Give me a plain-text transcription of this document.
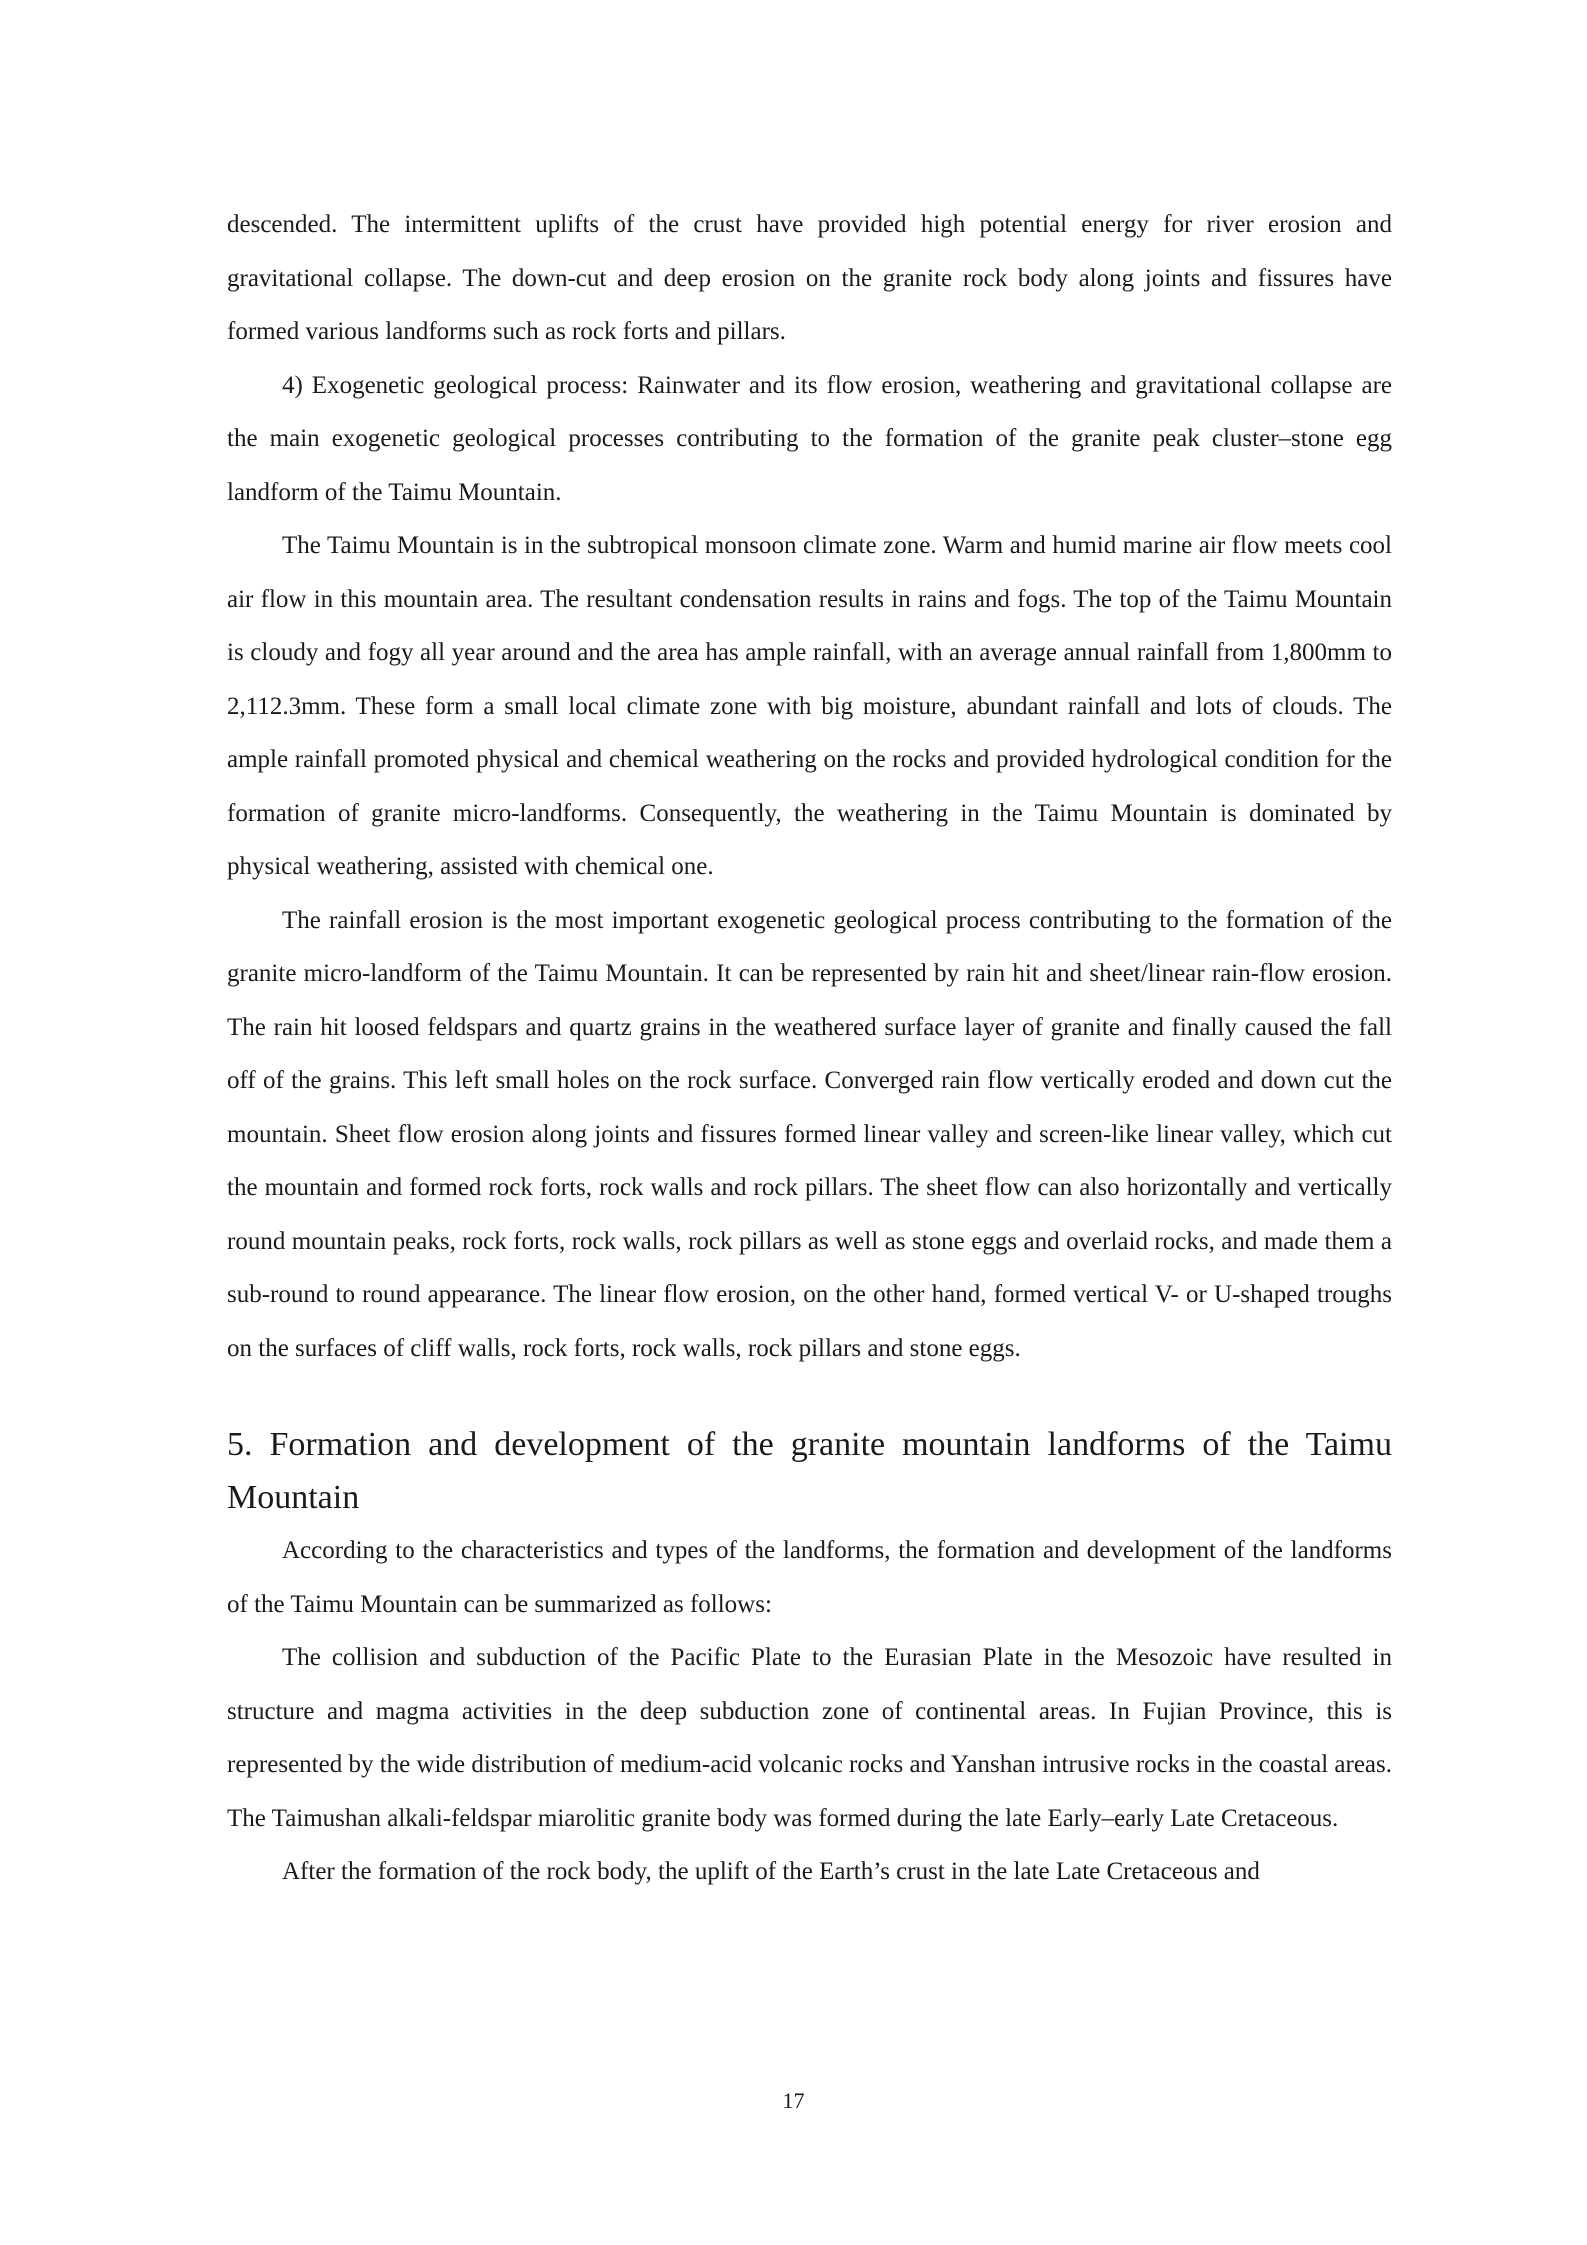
descended. The intermittent uplifts of the crust have provided high potential energy for river erosion and gravitational collapse. The down-cut and deep erosion on the granite rock body along joints and fissures have formed various landforms such as rock forts and pillars.

4) Exogenetic geological process: Rainwater and its flow erosion, weathering and gravitational collapse are the main exogenetic geological processes contributing to the formation of the granite peak cluster–stone egg landform of the Taimu Mountain.

The Taimu Mountain is in the subtropical monsoon climate zone. Warm and humid marine air flow meets cool air flow in this mountain area. The resultant condensation results in rains and fogs. The top of the Taimu Mountain is cloudy and fogy all year around and the area has ample rainfall, with an average annual rainfall from 1,800mm to 2,112.3mm. These form a small local climate zone with big moisture, abundant rainfall and lots of clouds. The ample rainfall promoted physical and chemical weathering on the rocks and provided hydrological condition for the formation of granite micro-landforms. Consequently, the weathering in the Taimu Mountain is dominated by physical weathering, assisted with chemical one.

The rainfall erosion is the most important exogenetic geological process contributing to the formation of the granite micro-landform of the Taimu Mountain. It can be represented by rain hit and sheet/linear rain-flow erosion. The rain hit loosed feldspars and quartz grains in the weathered surface layer of granite and finally caused the fall off of the grains. This left small holes on the rock surface. Converged rain flow vertically eroded and down cut the mountain. Sheet flow erosion along joints and fissures formed linear valley and screen-like linear valley, which cut the mountain and formed rock forts, rock walls and rock pillars. The sheet flow can also horizontally and vertically round mountain peaks, rock forts, rock walls, rock pillars as well as stone eggs and overlaid rocks, and made them a sub-round to round appearance. The linear flow erosion, on the other hand, formed vertical V- or U-shaped troughs on the surfaces of cliff walls, rock forts, rock walls, rock pillars and stone eggs.

5. Formation and development of the granite mountain landforms of the Taimu Mountain

According to the characteristics and types of the landforms, the formation and development of the landforms of the Taimu Mountain can be summarized as follows:

The collision and subduction of the Pacific Plate to the Eurasian Plate in the Mesozoic have resulted in structure and magma activities in the deep subduction zone of continental areas. In Fujian Province, this is represented by the wide distribution of medium-acid volcanic rocks and Yanshan intrusive rocks in the coastal areas. The Taimushan alkali-feldspar miarolitic granite body was formed during the late Early–early Late Cretaceous.

After the formation of the rock body, the uplift of the Earth’s crust in the late Late Cretaceous and

17
